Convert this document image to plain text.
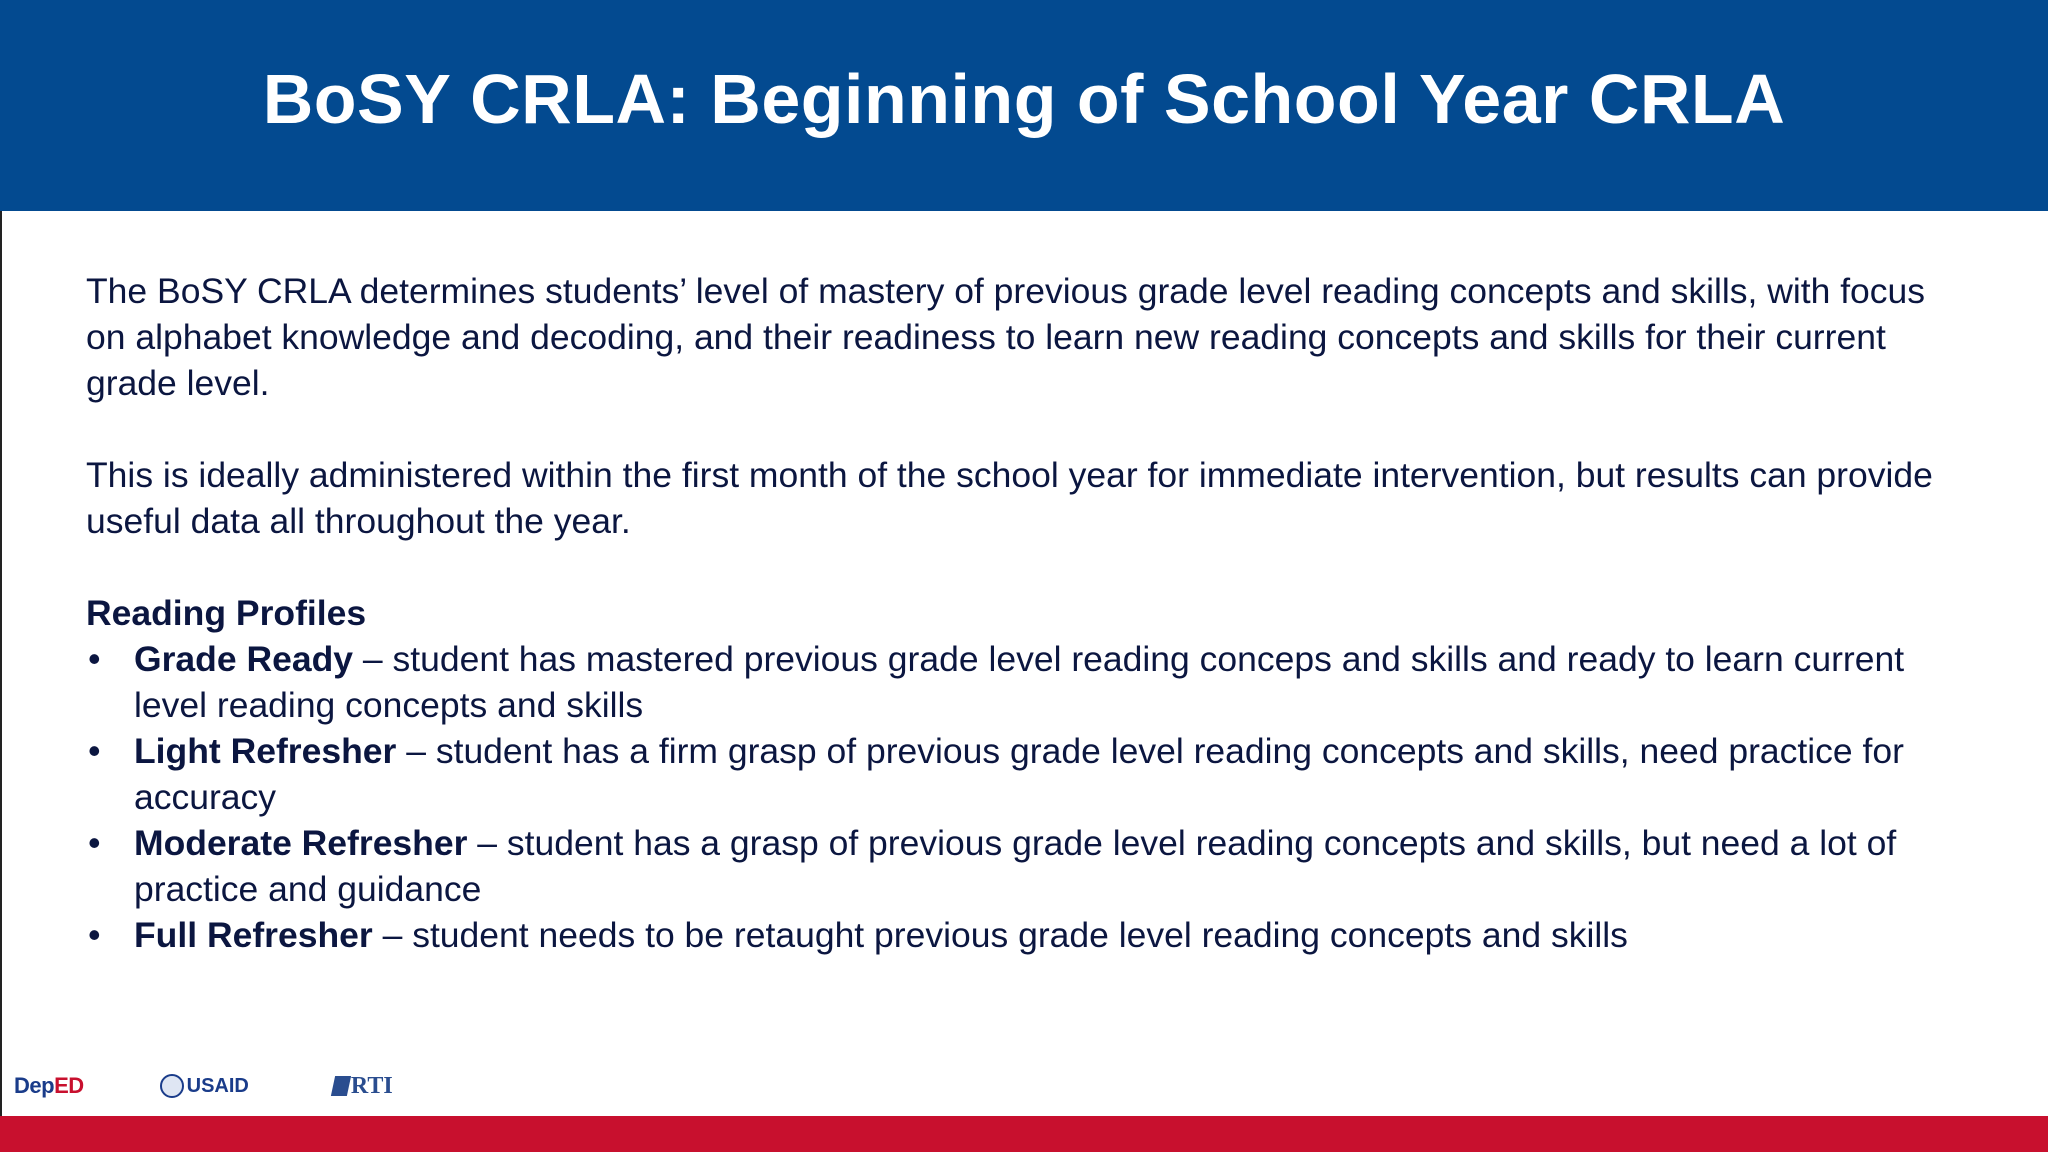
BoSY CRLA: Beginning of School Year CRLA

The BoSY CRLA determines students’ level of mastery of previous grade level reading concepts and skills, with focus on alphabet knowledge and decoding, and their readiness to learn new reading concepts and skills for their current grade level.

This is ideally administered within the first month of the school year for immediate intervention, but results can provide useful data all throughout the year.

Reading Profiles
• Grade Ready – student has mastered previous grade level reading conceps and skills and ready to learn current level reading concepts and skills
• Light Refresher – student has a firm grasp of previous grade level reading concepts and skills, need practice for accuracy
• Moderate Refresher – student has a grasp of previous grade level reading concepts and skills, but need a lot of practice and guidance
• Full Refresher – student needs to be retaught previous grade level reading concepts and skills
Dep ED	USAID	RTI
